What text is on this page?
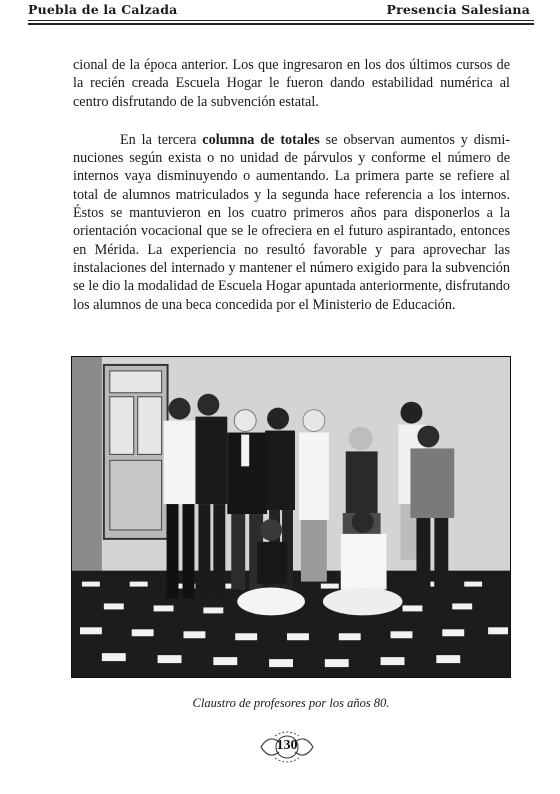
Puebla de la Calzada	Presencia Salesiana

cional de la época anterior. Los que ingresaron en los dos últimos cursos de la recién creada Escuela Hogar le fueron dando estabilidad numérica al centro disfrutando de la subvención estatal.

En la tercera columna de totales se observan aumentos y disminuciones según exista o no unidad de párvulos y conforme el número de internos vaya disminuyendo o aumentando. La primera parte se refiere al total de alumnos matriculados y la segunda hace referencia a los internos. Éstos se mantuvieron en los cuatro primeros años para disponerlos a la orientación vocacional que se le ofreciera en el futuro aspirantado, entonces en Mérida. La experiencia no resultó favorable y para aprovechar las instalaciones del internado y mantener el número exigido para la subvención se le dio la modalidad de Escuela Hogar apuntada anteriormente, disfrutando los alumnos de una beca concedida por el Ministerio de Educación.

Claustro de profesores por los años 80.
130
